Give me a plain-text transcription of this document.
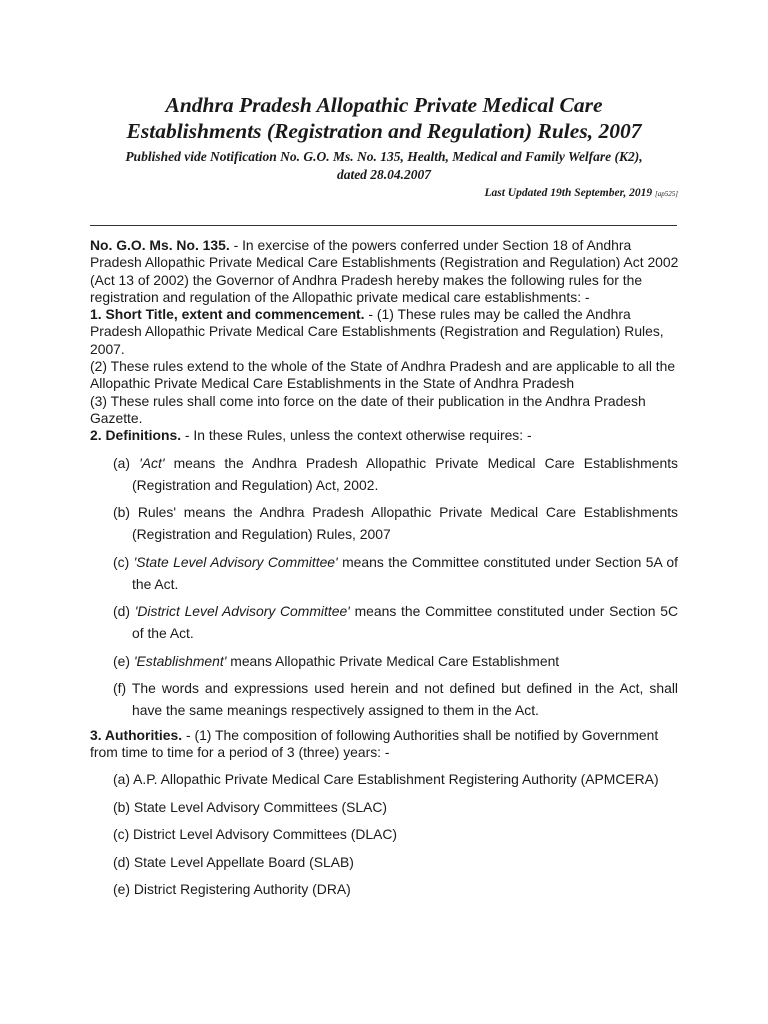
Andhra Pradesh Allopathic Private Medical Care
Establishments (Registration and Regulation) Rules, 2007

Published vide Notification No. G.O. Ms. No. 135, Health, Medical and Family Welfare (K2),
dated 28.04.2007

Last Updated 19th September, 2019 [ap525]

No. G.O. Ms. No. 135. - In exercise of the powers conferred under Section 18 of Andhra Pradesh Allopathic Private Medical Care Establishments (Registration and Regulation) Act 2002 (Act 13 of 2002) the Governor of Andhra Pradesh hereby makes the following rules for the registration and regulation of the Allopathic private medical care establishments: -

1. Short Title, extent and commencement. - (1) These rules may be called the Andhra Pradesh Allopathic Private Medical Care Establishments (Registration and Regulation) Rules, 2007.

(2) These rules extend to the whole of the State of Andhra Pradesh and are applicable to all the Allopathic Private Medical Care Establishments in the State of Andhra Pradesh

(3) These rules shall come into force on the date of their publication in the Andhra Pradesh Gazette.

2. Definitions. - In these Rules, unless the context otherwise requires: -

(a) 'Act' means the Andhra Pradesh Allopathic Private Medical Care Establishments (Registration and Regulation) Act, 2002.
(b) Rules' means the Andhra Pradesh Allopathic Private Medical Care Establishments (Registration and Regulation) Rules, 2007
(c) 'State Level Advisory Committee' means the Committee constituted under Section 5A of the Act.
(d) 'District Level Advisory Committee' means the Committee constituted under Section 5C of the Act.
(e) 'Establishment' means Allopathic Private Medical Care Establishment
(f) The words and expressions used herein and not defined but defined in the Act, shall have the same meanings respectively assigned to them in the Act.

3. Authorities. - (1) The composition of following Authorities shall be notified by Government from time to time for a period of 3 (three) years: -

(a) A.P. Allopathic Private Medical Care Establishment Registering Authority (APMCERA)
(b) State Level Advisory Committees (SLAC)
(c) District Level Advisory Committees (DLAC)
(d) State Level Appellate Board (SLAB)
(e) District Registering Authority (DRA)
